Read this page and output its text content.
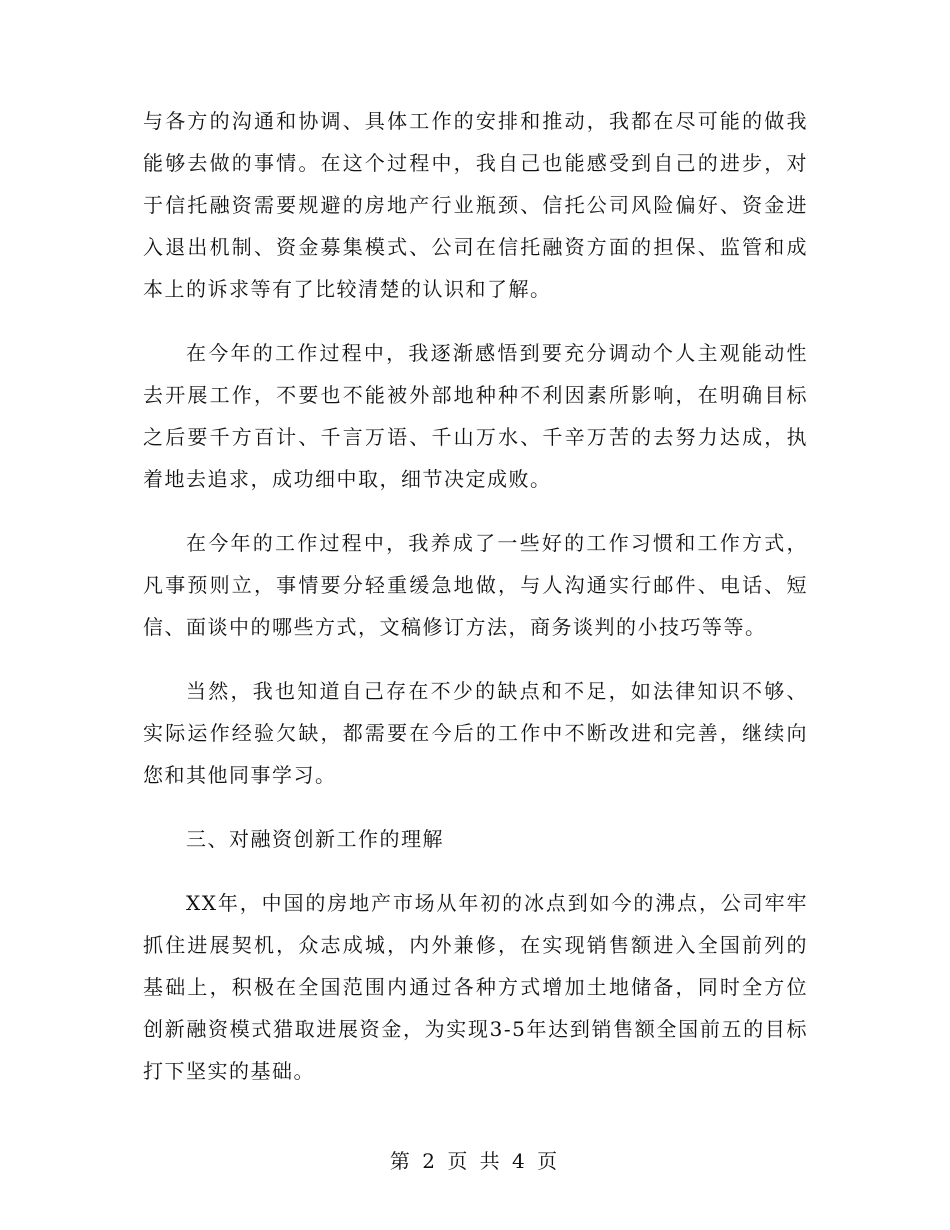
与各方的沟通和协调、具体工作的安排和推动，我都在尽可能的做我能够去做的事情。在这个过程中，我自己也能感受到自己的进步，对于信托融资需要规避的房地产行业瓶颈、信托公司风险偏好、资金进入退出机制、资金募集模式、公司在信托融资方面的担保、监管和成本上的诉求等有了比较清楚的认识和了解。

在今年的工作过程中，我逐渐感悟到要充分调动个人主观能动性去开展工作，不要也不能被外部地种种不利因素所影响，在明确目标之后要千方百计、千言万语、千山万水、千辛万苦的去努力达成，执着地去追求，成功细中取，细节决定成败。

在今年的工作过程中，我养成了一些好的工作习惯和工作方式，凡事预则立，事情要分轻重缓急地做，与人沟通实行邮件、电话、短信、面谈中的哪些方式，文稿修订方法，商务谈判的小技巧等等。

当然，我也知道自己存在不少的缺点和不足，如法律知识不够、实际运作经验欠缺，都需要在今后的工作中不断改进和完善，继续向您和其他同事学习。

三、对融资创新工作的理解

XX年，中国的房地产市场从年初的冰点到如今的沸点，公司牢牢抓住进展契机，众志成城，内外兼修，在实现销售额进入全国前列的基础上，积极在全国范围内通过各种方式增加土地储备，同时全方位创新融资模式猎取进展资金，为实现3-5年达到销售额全国前五的目标打下坚实的基础。

第 2 页 共 4 页
